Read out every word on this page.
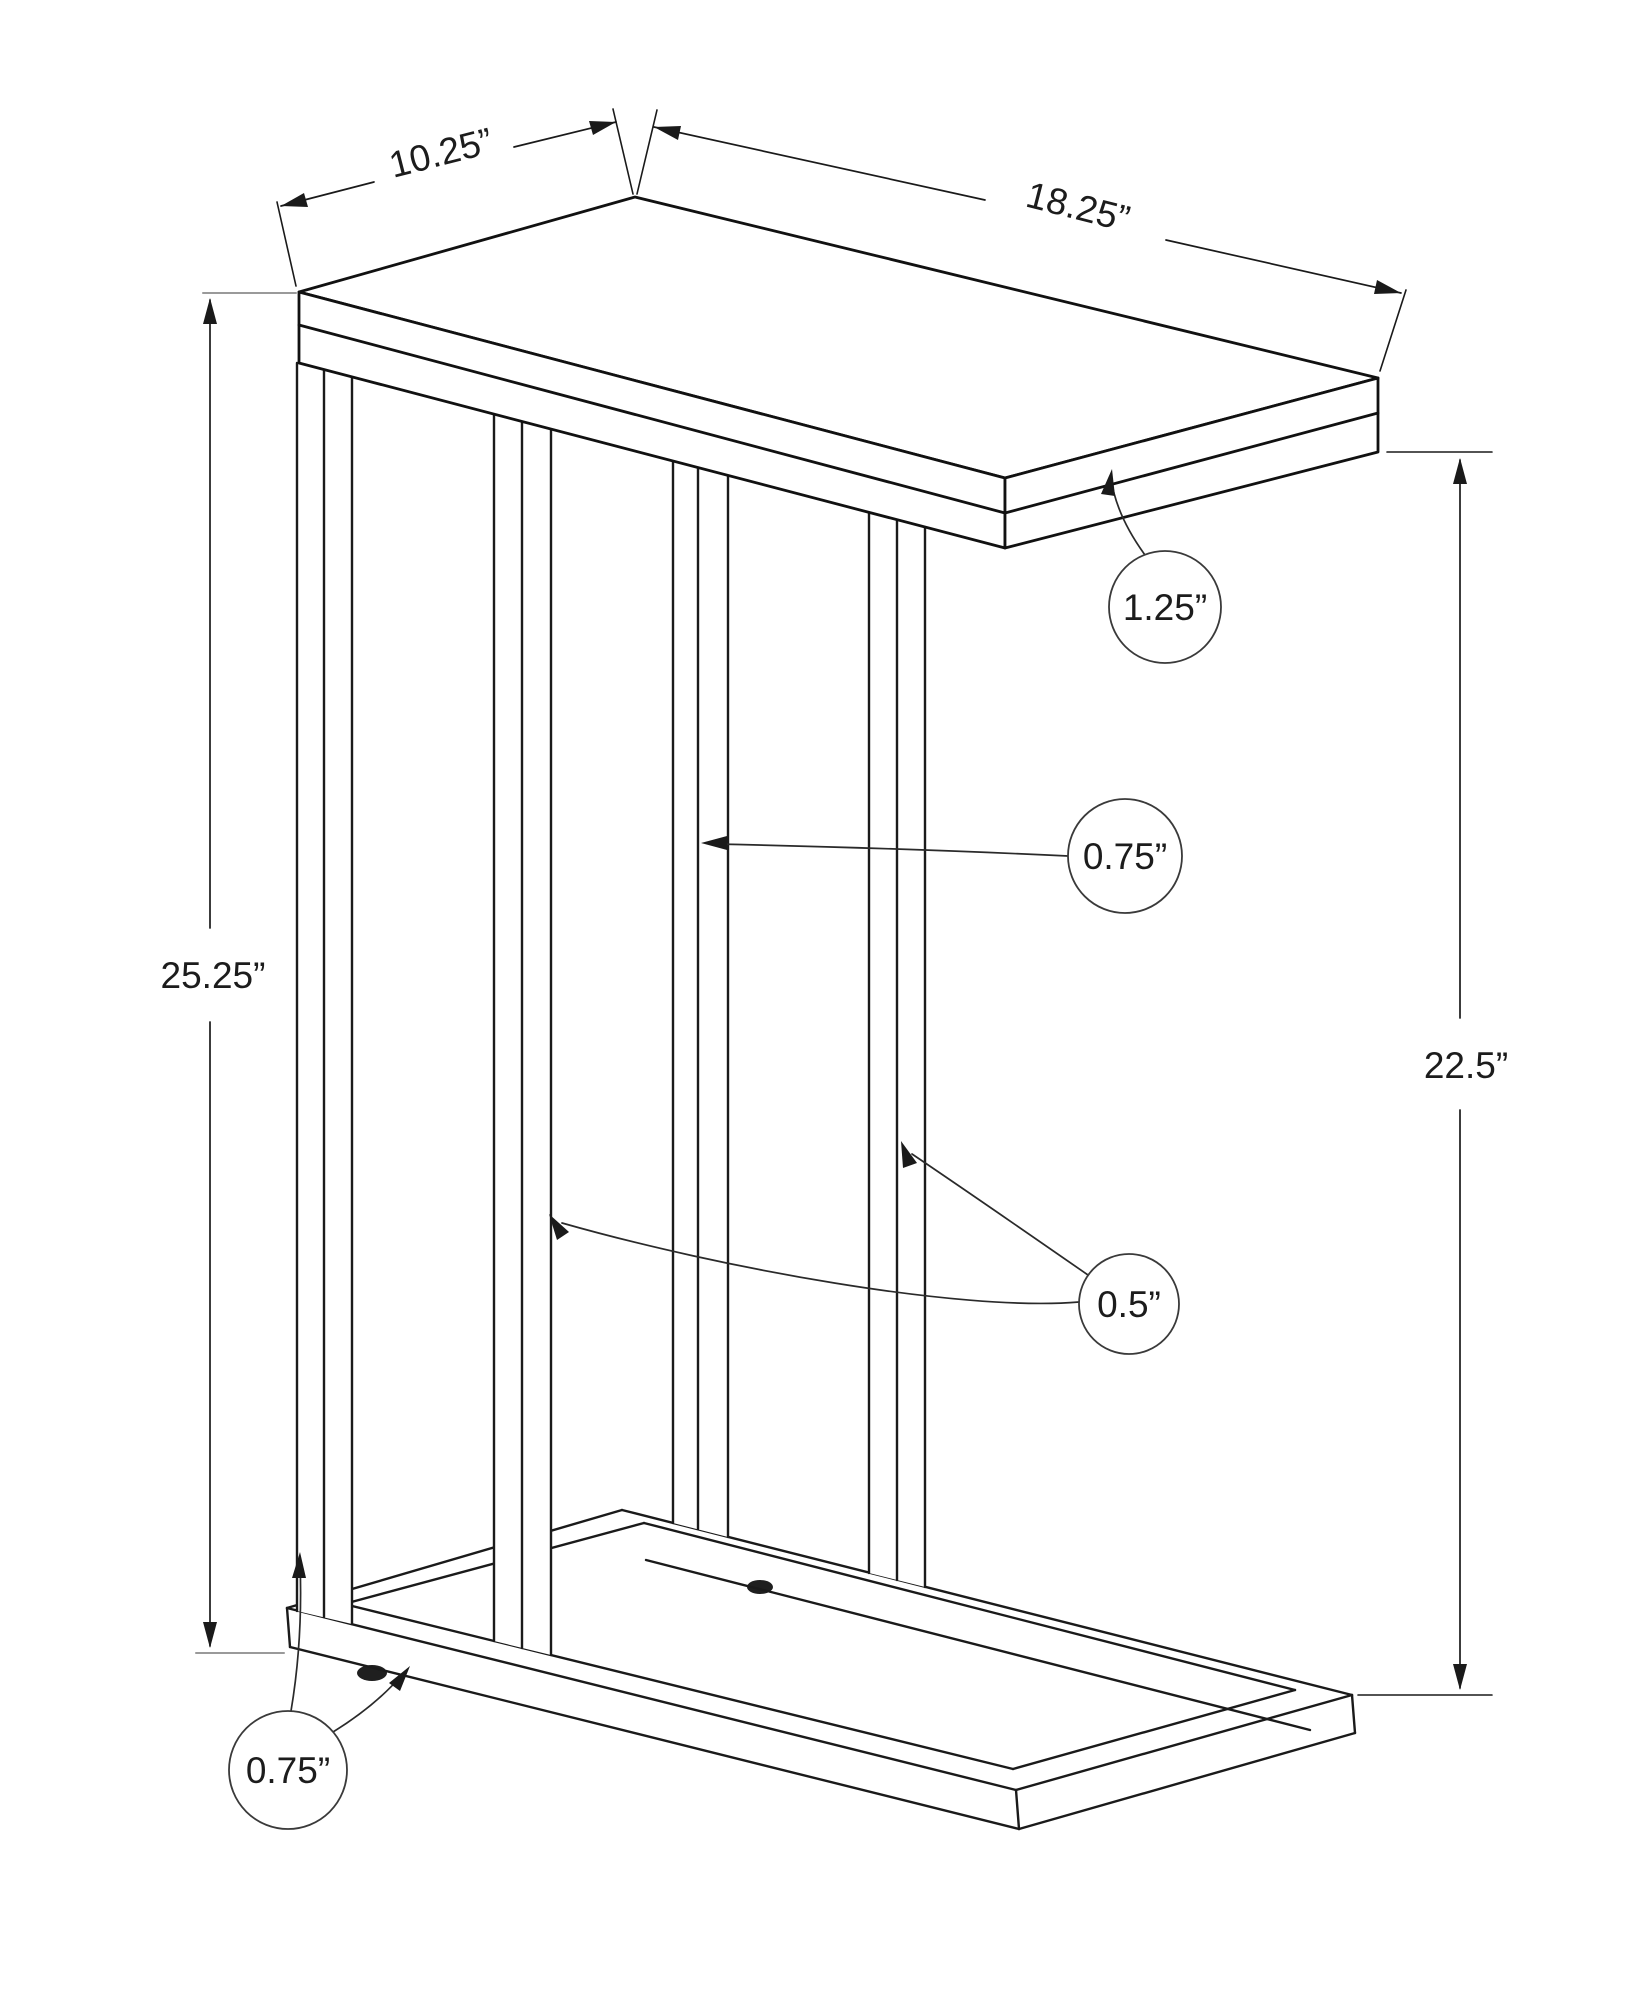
10.25”
18.25”
25.25”
22.5”
1.25”
0.75”
0.5”
0.75”
